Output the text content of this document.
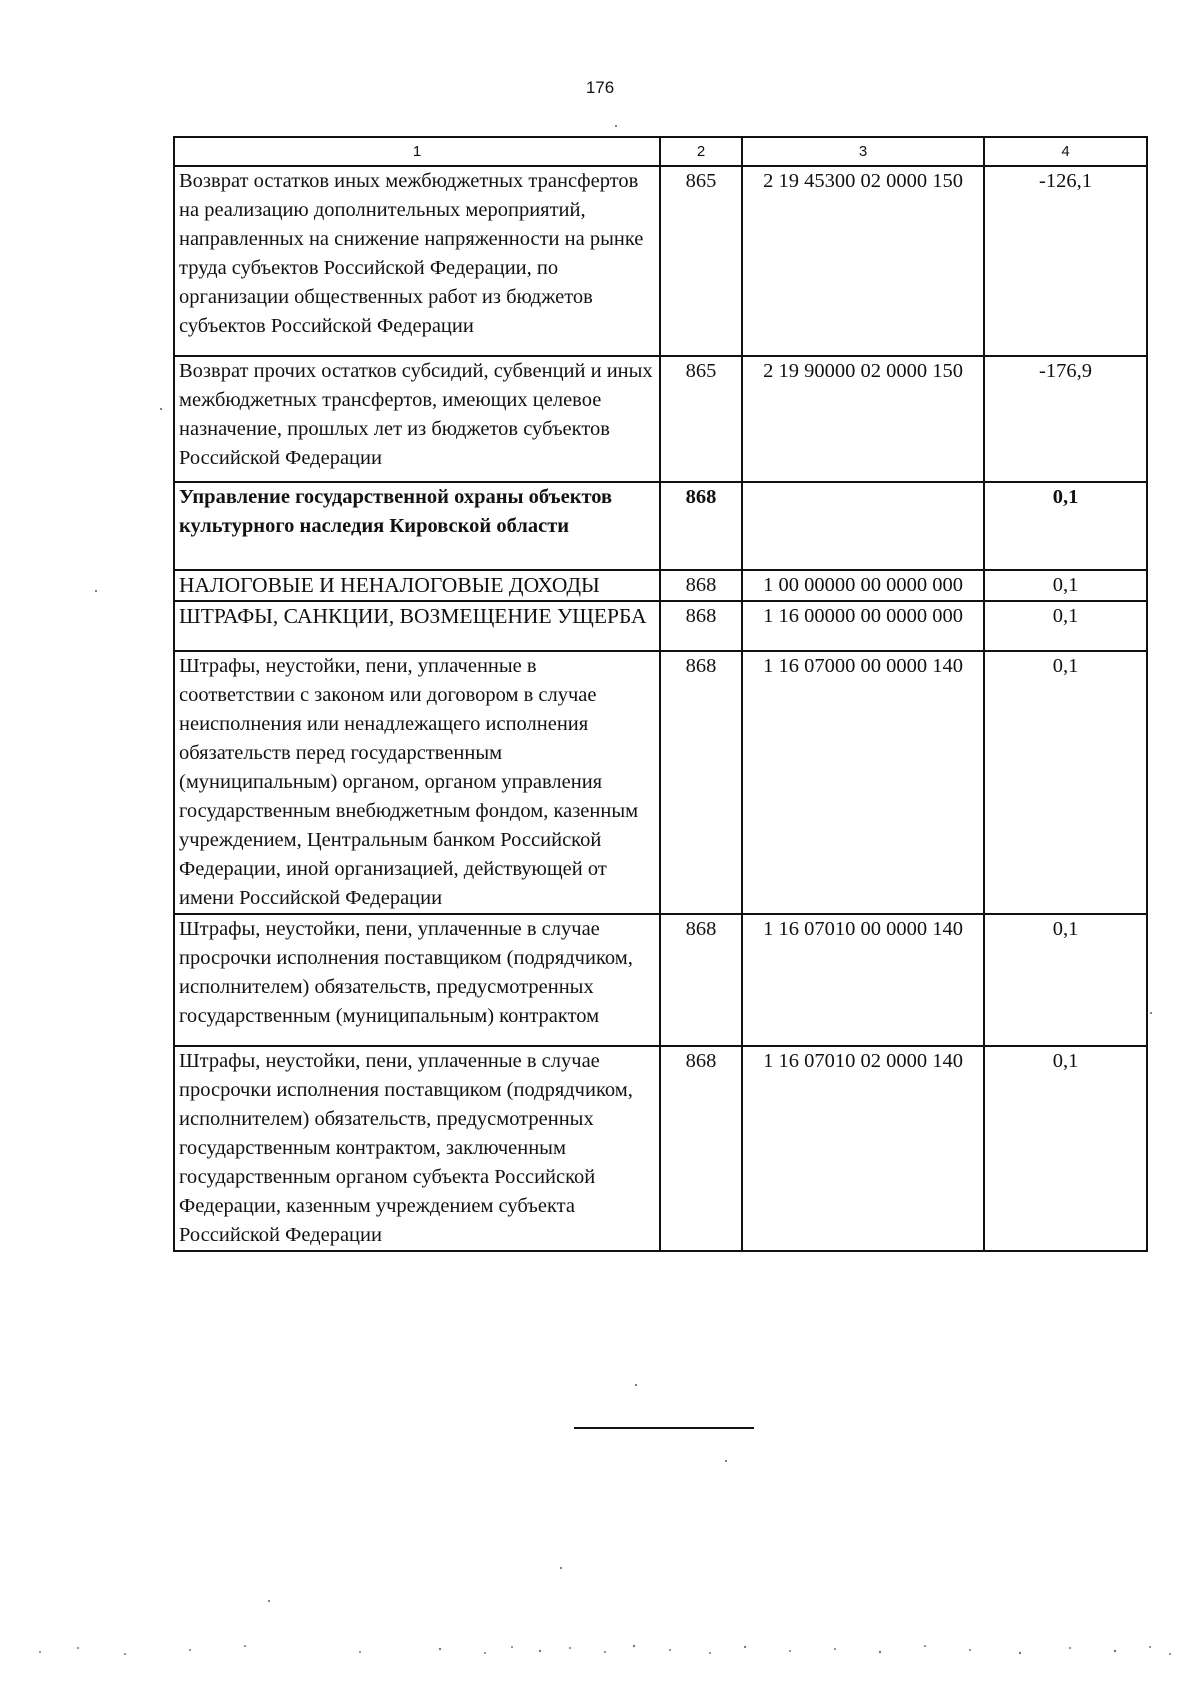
176
1	2	3	4
Возврат остатков иных межбюджетных трансфертов на реализацию дополнительных мероприятий, направленных на снижение напряженности на рынке труда субъектов Российской Федерации, по организации общественных работ из бюджетов субъектов Российской Федерации	865	2 19 45300 02 0000 150	-126,1
Возврат прочих остатков субсидий, субвенций и иных межбюджетных трансфертов, имеющих целевое назначение, прошлых лет из бюджетов субъектов Российской Федерации	865	2 19 90000 02 0000 150	-176,9
Управление государственной охраны объектов культурного наследия Кировской области	868		0,1
НАЛОГОВЫЕ И НЕНАЛОГОВЫЕ ДОХОДЫ	868	1 00 00000 00 0000 000	0,1
ШТРАФЫ, САНКЦИИ, ВОЗМЕЩЕНИЕ УЩЕРБА	868	1 16 00000 00 0000 000	0,1
Штрафы, неустойки, пени, уплаченные в соответствии с законом или договором в случае неисполнения или ненадлежащего исполнения обязательств перед государственным (муниципальным) органом, органом управления государственным внебюджетным фондом, казенным учреждением, Центральным банком Российской Федерации, иной организацией, действующей от имени Российской Федерации	868	1 16 07000 00 0000 140	0,1
Штрафы, неустойки, пени, уплаченные в случае просрочки исполнения поставщиком (подрядчиком, исполнителем) обязательств, предусмотренных государственным (муниципальным) контрактом	868	1 16 07010 00 0000 140	0,1
Штрафы, неустойки, пени, уплаченные в случае просрочки исполнения поставщиком (подрядчиком, исполнителем) обязательств, предусмотренных государственным контрактом, заключенным государственным органом субъекта Российской Федерации, казенным учреждением субъекта Российской Федерации	868	1 16 07010 02 0000 140	0,1
